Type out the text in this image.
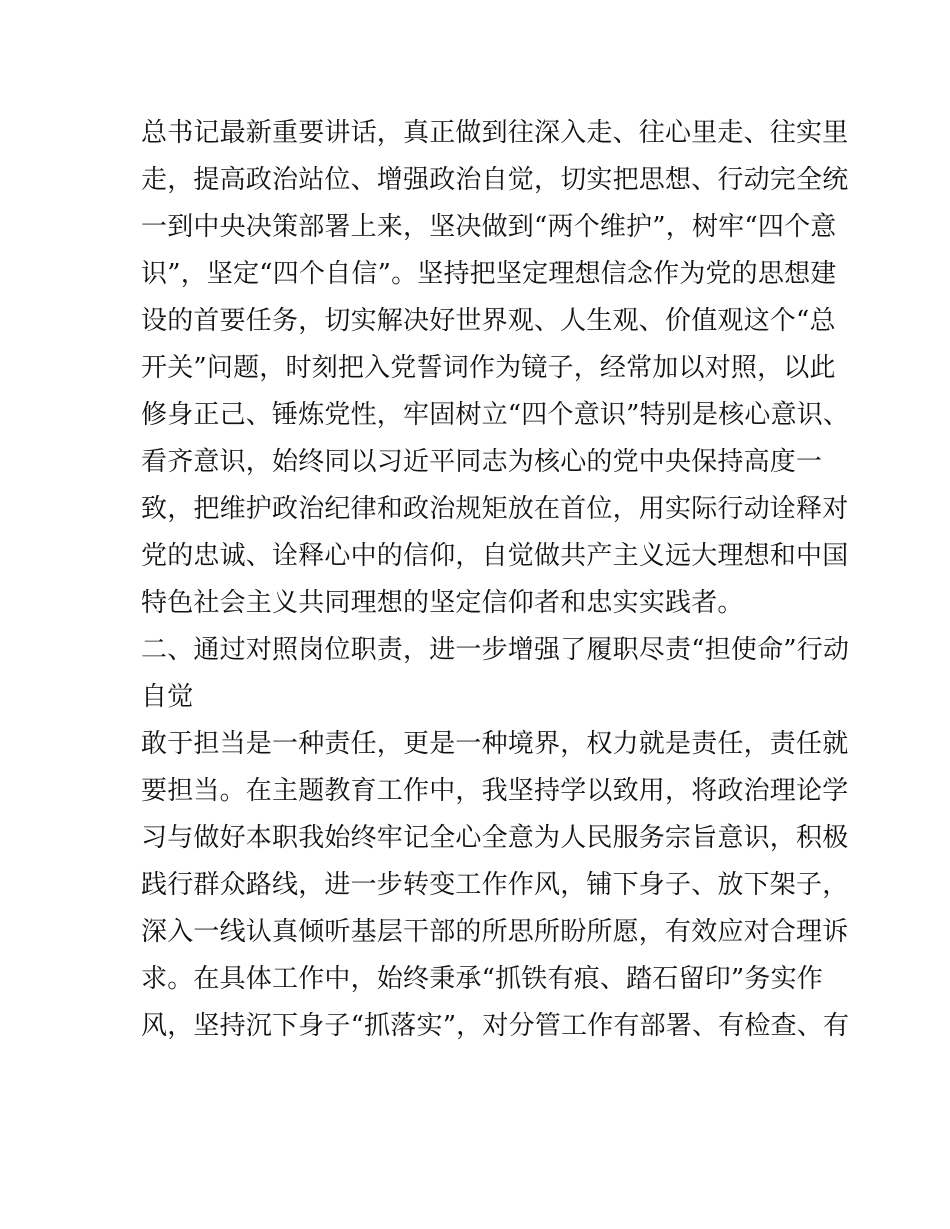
总书记最新重要讲话，真正做到往深入走、往心里走、往实里
走，提高政治站位、增强政治自觉，切实把思想、行动完全统
一到中央决策部署上来，坚决做到“两个维护”，树牢“四个意
识”，坚定“四个自信”。坚持把坚定理想信念作为党的思想建
设的首要任务，切实解决好世界观、人生观、价值观这个“总
开关”问题，时刻把入党誓词作为镜子，经常加以对照，以此
修身正己、锤炼党性，牢固树立“四个意识”特别是核心意识、
看齐意识，始终同以习近平同志为核心的党中央保持高度一
致，把维护政治纪律和政治规矩放在首位，用实际行动诠释对
党的忠诚、诠释心中的信仰，自觉做共产主义远大理想和中国
特色社会主义共同理想的坚定信仰者和忠实实践者。
二、通过对照岗位职责，进一步增强了履职尽责“担使命”行动
自觉
敢于担当是一种责任，更是一种境界，权力就是责任，责任就
要担当。在主题教育工作中，我坚持学以致用，将政治理论学
习与做好本职我始终牢记全心全意为人民服务宗旨意识，积极
践行群众路线，进一步转变工作作风，铺下身子、放下架子，
深入一线认真倾听基层干部的所思所盼所愿，有效应对合理诉
求。在具体工作中，始终秉承“抓铁有痕、踏石留印”务实作
风，坚持沉下身子“抓落实”，对分管工作有部署、有检查、有
